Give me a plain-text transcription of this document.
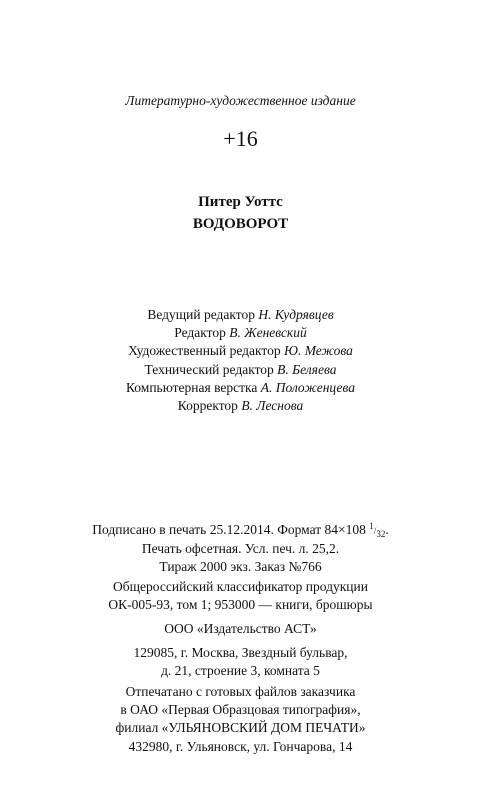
Литературно-художественное издание
+16
Питер Уоттс
ВОДОВОРОТ
Ведущий редактор Н. Кудрявцев
Редактор В. Женевский
Художественный редактор Ю. Межова
Технический редактор В. Беляева
Компьютерная верстка А. Положенцева
Корректор В. Леснова
Подписано в печать 25.12.2014. Формат 84×108 1/32.
Печать офсетная. Усл. печ. л. 25,2.
Тираж 2000 экз. Заказ №766
Общероссийский классификатор продукции
ОК-005-93, том 1; 953000 — книги, брошюры
ООО «Издательство АСТ»
129085, г. Москва, Звездный бульвар,
д. 21, строение 3, комната 5
Отпечатано с готовых файлов заказчика
в ОАО «Первая Образцовая типография»,
филиал «УЛЬЯНОВСКИЙ ДОМ ПЕЧАТИ»
432980, г. Ульяновск, ул. Гончарова, 14
